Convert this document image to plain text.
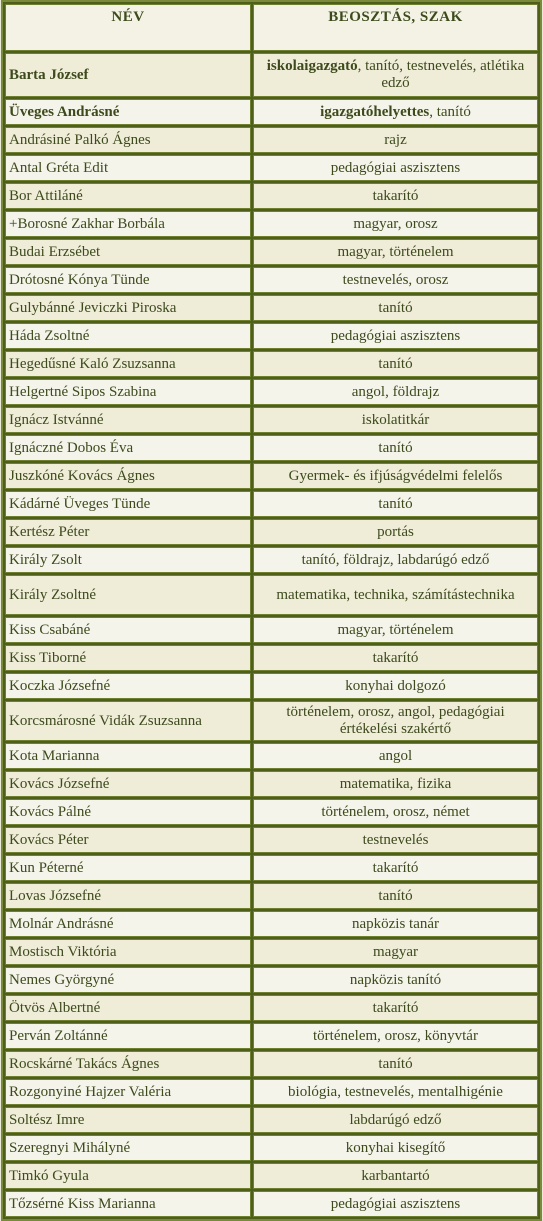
NÉV	BEOSZTÁS, SZAK
Barta József	iskolaigazgató, tanító, testnevelés, atlétika edző
Üveges Andrásné	igazgatóhelyettes, tanító
Andrásiné Palkó Ágnes	rajz
Antal Gréta Edit	pedagógiai aszisztens
Bor Attiláné	takarító
+Borosné Zakhar Borbála	magyar, orosz
Budai Erzsébet	magyar, történelem
Drótosné Kónya Tünde	testnevelés, orosz
Gulybánné Jeviczki Piroska	tanító
Háda Zsoltné	pedagógiai aszisztens
Hegedűsné Kaló Zsuzsanna	tanító
Helgertné Sipos Szabina	angol, földrajz
Ignácz Istvánné	iskolatitkár
Ignáczné Dobos Éva	tanító
Juszkóné Kovács Ágnes	Gyermek- és ifjúságvédelmi felelős
Kádárné Üveges Tünde	tanító
Kertész Péter	portás
Király Zsolt	tanító, földrajz, labdarúgó edző
Király Zsoltné	matematika, technika, számítástechnika
Kiss Csabáné	magyar, történelem
Kiss Tiborné	takarító
Koczka Józsefné	konyhai dolgozó
Korcsmárosné Vidák Zsuzsanna	történelem, orosz, angol, pedagógiai értékelési szakértő
Kota Marianna	angol
Kovács Józsefné	matematika, fizika
Kovács Pálné	történelem, orosz, német
Kovács Péter	testnevelés
Kun Péterné	takarító
Lovas Józsefné	tanító
Molnár Andrásné	napközis tanár
Mostisch Viktória	magyar
Nemes Györgyné	napközis tanító
Ötvös Albertné	takarító
Perván Zoltánné	történelem, orosz, könyvtár
Rocskárné Takács Ágnes	tanító
Rozgonyiné Hajzer Valéria	biológia, testnevelés, mentalhigénie
Soltész Imre	labdarúgó edző
Szeregnyi Mihályné	konyhai kisegítő
Timkó Gyula	karbantartó
Tőzsérné Kiss Marianna	pedagógiai aszisztens
